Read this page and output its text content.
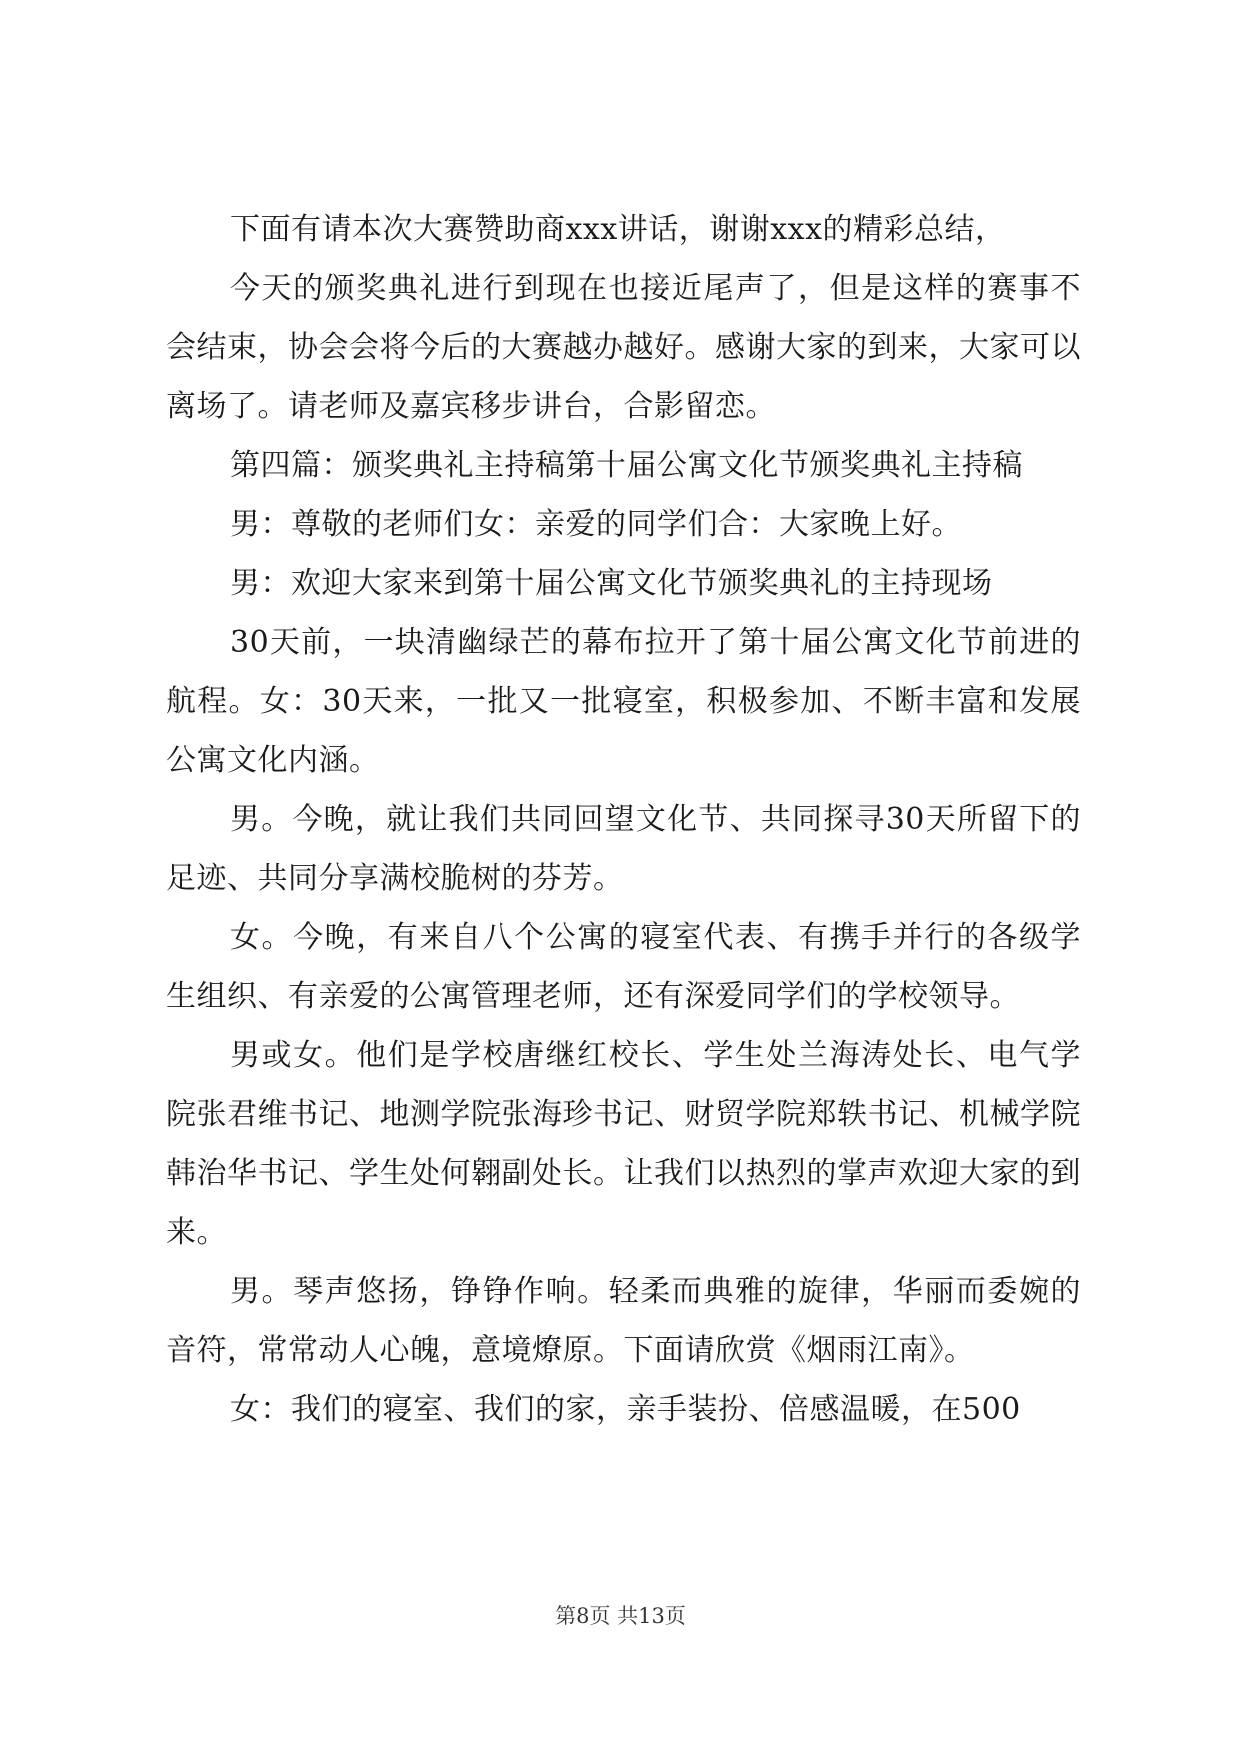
下面有请本次大赛赞助商xxx讲话，谢谢xxx的精彩总结，

今天的颁奖典礼进行到现在也接近尾声了，但是这样的赛事不会结束，协会会将今后的大赛越办越好。感谢大家的到来，大家可以离场了。请老师及嘉宾移步讲台，合影留恋。

第四篇：颁奖典礼主持稿第十届公寓文化节颁奖典礼主持稿

男：尊敬的老师们女：亲爱的同学们合：大家晚上好。

男：欢迎大家来到第十届公寓文化节颁奖典礼的主持现场

30天前，一块清幽绿芒的幕布拉开了第十届公寓文化节前进的航程。女：30天来，一批又一批寝室，积极参加、不断丰富和发展公寓文化内涵。

男。今晚，就让我们共同回望文化节、共同探寻30天所留下的足迹、共同分享满校脆树的芬芳。

女。今晚，有来自八个公寓的寝室代表、有携手并行的各级学生组织、有亲爱的公寓管理老师，还有深爱同学们的学校领导。

男或女。他们是学校唐继红校长、学生处兰海涛处长、电气学院张君维书记、地测学院张海珍书记、财贸学院郑轶书记、机械学院韩治华书记、学生处何翱副处长。让我们以热烈的掌声欢迎大家的到来。

男。琴声悠扬，铮铮作响。轻柔而典雅的旋律，华丽而委婉的音符，常常动人心魄，意境燎原。下面请欣赏《烟雨江南》。

女：我们的寝室、我们的家，亲手装扮、倍感温暖，在500

第8页 共13页
